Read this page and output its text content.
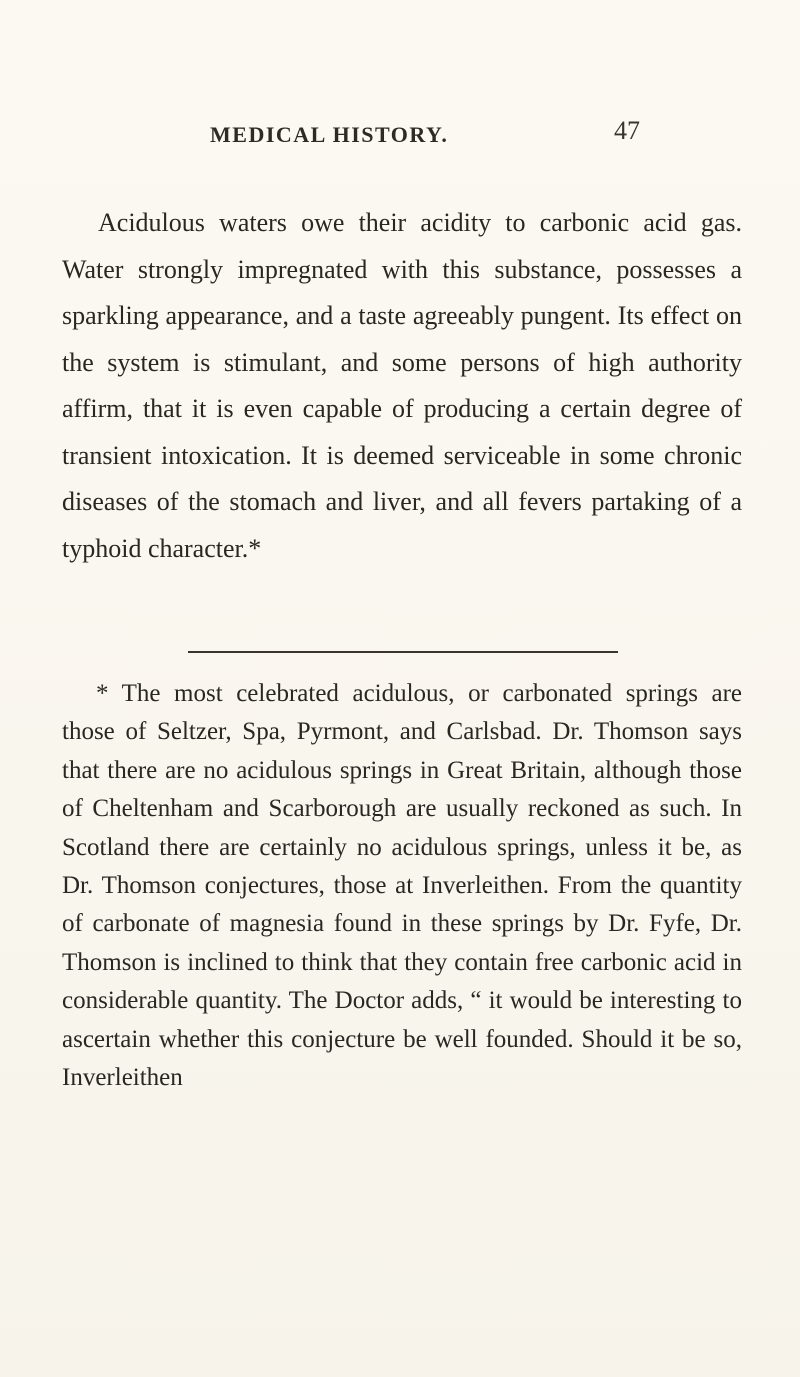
MEDICAL HISTORY.	47

Acidulous waters owe their acidity to carbonic acid gas. Water strongly impregnated with this substance, possesses a sparkling appearance, and a taste agreeably pungent. Its effect on the system is stimulant, and some persons of high authority affirm, that it is even capable of producing a certain degree of transient intoxication. It is deemed serviceable in some chronic diseases of the stomach and liver, and all fevers partaking of a typhoid character.*

* The most celebrated acidulous, or carbonated springs are those of Seltzer, Spa, Pyrmont, and Carlsbad. Dr. Thomson says that there are no acidulous springs in Great Britain, although those of Cheltenham and Scarborough are usually reckoned as such. In Scotland there are certainly no acidulous springs, unless it be, as Dr. Thomson conjectures, those at Inverleithen. From the quantity of carbonate of magnesia found in these springs by Dr. Fyfe, Dr. Thomson is inclined to think that they contain free carbonic acid in considerable quantity. The Doctor adds, “ it would be interesting to ascertain whether this conjecture be well founded. Should it be so, Inverleithen
